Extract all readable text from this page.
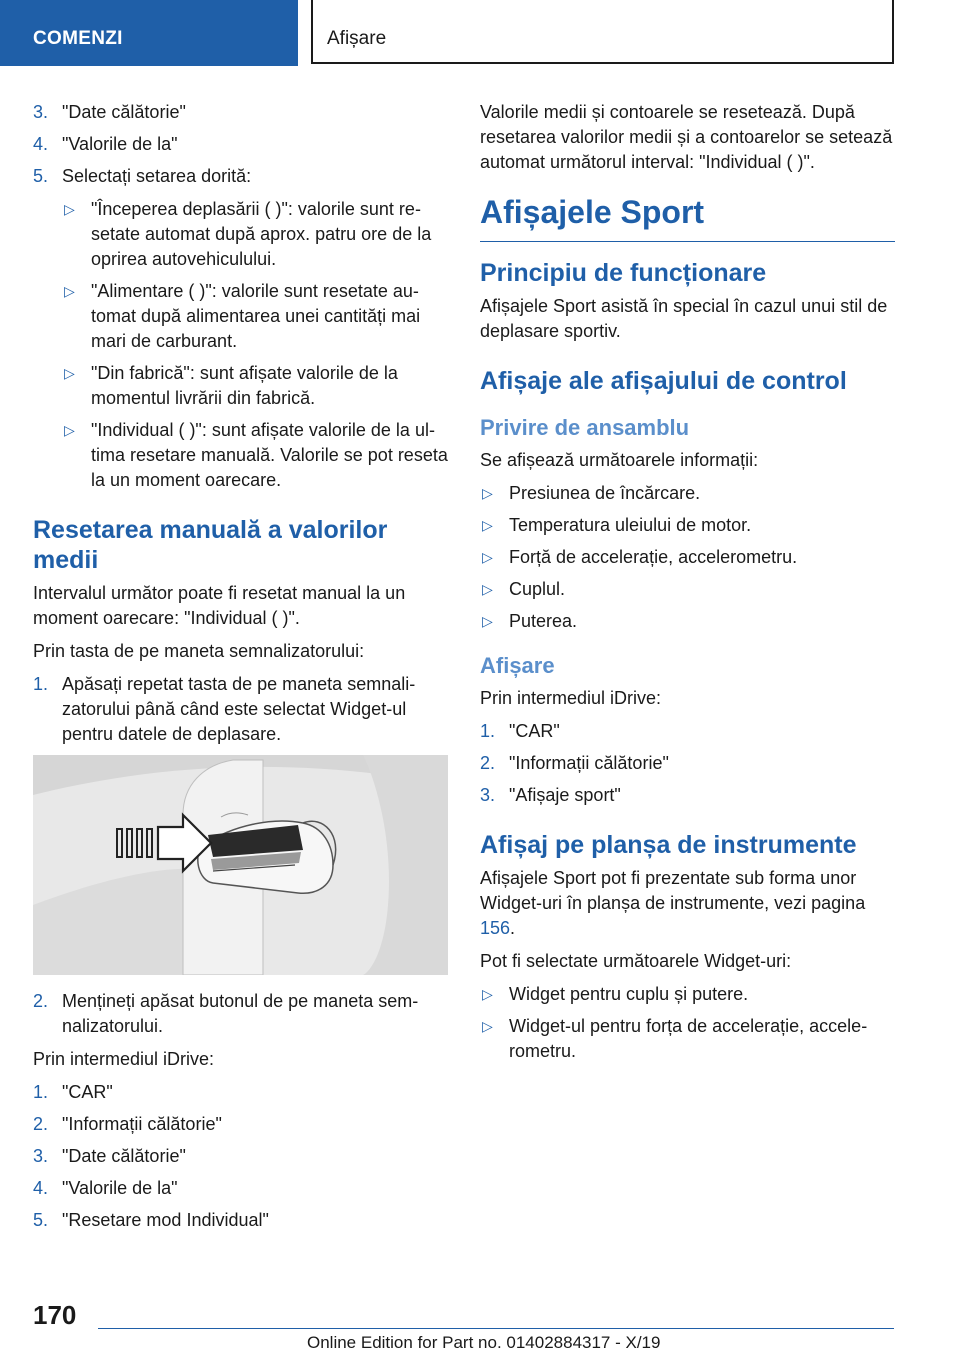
COMENZI	Afișare
3. "Date călătorie"
4. "Valorile de la"
5. Selectați setarea dorită:
▷ "Începerea deplasării ( )": valorile sunt resetate automat după aprox. patru ore de la oprirea autovehiculului.
▷ "Alimentare ( )": valorile sunt resetate automat după alimentarea unei cantități mai mari de carburant.
▷ "Din fabrică": sunt afișate valorile de la momentul livrării din fabrică.
▷ "Individual ( )": sunt afișate valorile de la ultima resetare manuală. Valorile se pot reseta la un moment oarecare.
Resetarea manuală a valorilor medii

Intervalul următor poate fi resetat manual la un moment oarecare: "Individual ( )".

Prin tasta de pe maneta semnalizatorului:

1. Apăsați repetat tasta de pe maneta semnalizatorului până când este selectat Widget-ul pentru datele de deplasare.
2. Mențineți apăsat butonul de pe maneta semnalizatorului.

Prin intermediul iDrive:

1. "CAR"
2. "Informații călătorie"
3. "Date călătorie"
4. "Valorile de la"
5. "Resetare mod Individual"

Valorile medii și contoarele se resetează. După resetarea valorilor medii și a contoarelor se setează automat următorul interval: "Individual ( )".

Afișajele Sport
Principiu de funcționare

Afișajele Sport asistă în special în cazul unui stil de deplasare sportiv.

Afișaje ale afișajului de control
Privire de ansamblu

Se afișează următoarele informații:

▷ Presiunea de încărcare.
▷ Temperatura uleiului de motor.
▷ Forță de accelerație, accelerometru.
▷ Cuplul.
▷ Puterea.
Afișare

Prin intermediul iDrive:

1. "CAR"
2. "Informații călătorie"
3. "Afișaje sport"
Afișaj pe planșa de instrumente

Afișajele Sport pot fi prezentate sub forma unor Widget-uri în planșa de instrumente, vezi pagina 156.

Pot fi selectate următoarele Widget-uri:

▷ Widget pentru cuplu și putere.
▷ Widget-ul pentru forța de accelerație, accelerometru.
170
Online Edition for Part no. 01402884317 - X/19
